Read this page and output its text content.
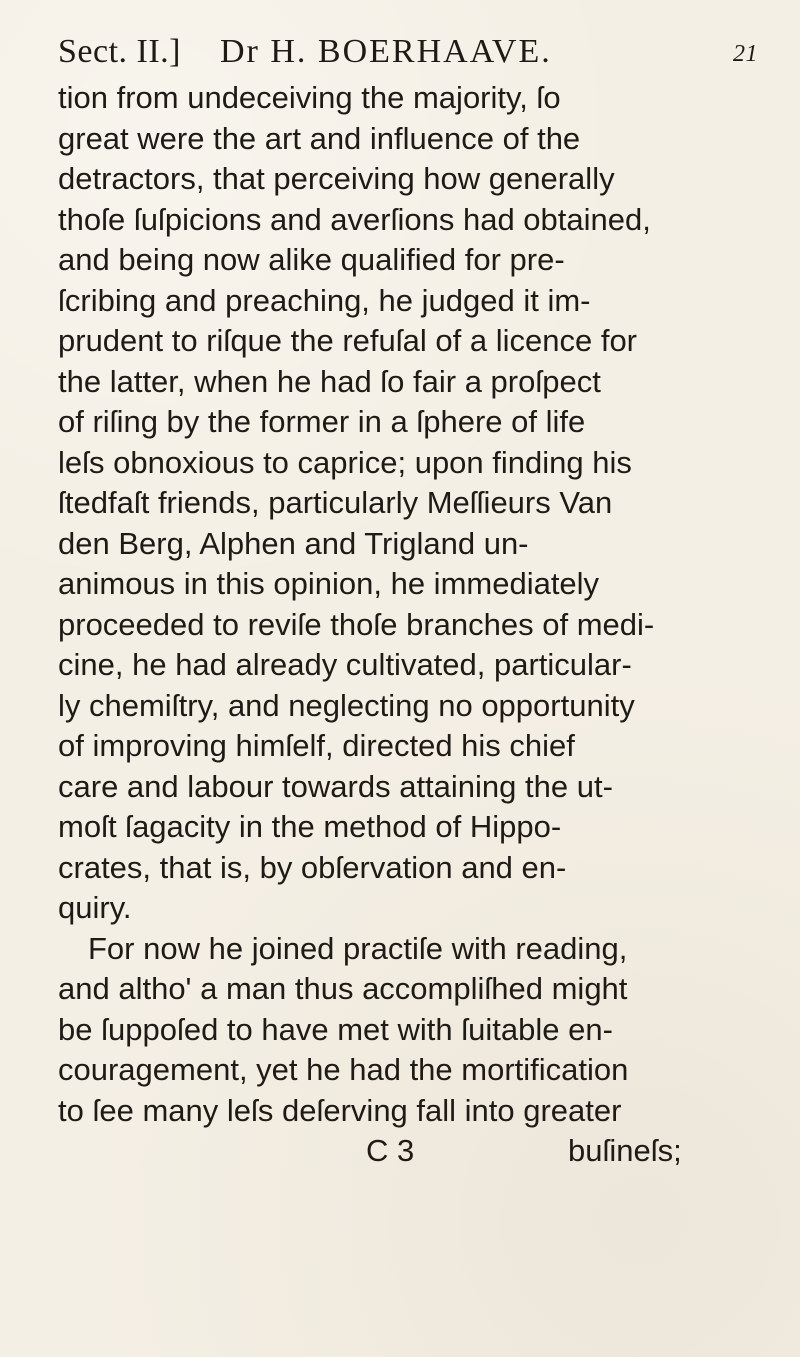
Sect. II.] Dr H. BOERHAAVE.	21
tion from undeceiving the majority, ſo
great were the art and influence of the
detractors, that perceiving how generally
thoſe ſuſpicions and averſions had obtained,
and being now alike qualified for pre-
ſcribing and preaching, he judged it im-
prudent to riſque the refuſal of a licence for
the latter, when he had ſo fair a proſpect
of riſing by the former in a ſphere of life
leſs obnoxious to caprice; upon finding his
ſtedfaſt friends, particularly Meſſieurs Van
den Berg, Alphen and Trigland un-
animous in this opinion, he immediately
proceeded to reviſe thoſe branches of medi-
cine, he had already cultivated, particular-
ly chemiſtry, and neglecting no opportunity
of improving himſelf, directed his chief
care and labour towards attaining the ut-
moſt ſagacity in the method of Hippo-
crates, that is, by obſervation and en-
quiry.
For now he joined practiſe with reading,
and altho' a man thus accompliſhed might
be ſuppoſed to have met with ſuitable en-
couragement, yet he had the mortification
to ſee many leſs deſerving fall into greater
C 3	buſineſs;
